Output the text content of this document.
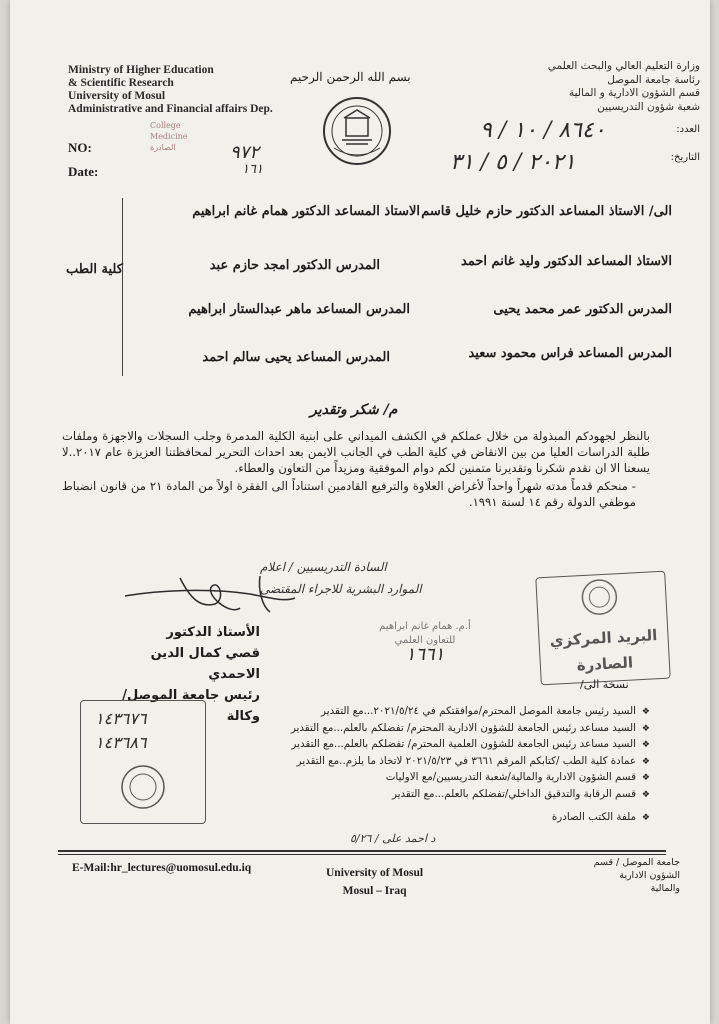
Ministry of Higher Education
& Scientific Research
University of Mosul
Administrative and Financial affairs Dep.
بسم الله الرحمن الرحيم
وزارة التعليم العالي والبحث العلمي
رئاسة جامعة الموصل
قسم الشؤون الادارية و المالية
شعبة شؤون التدريسيين
العدد:
التاريخ:
٨٦٤٠ / ١٠ / ٩
٢٠٢١ / ٥ / ٣١
NO:
Date:
College
Medicine
الصادرة	٩٧٢
١٦١
الى/ الاستاذ المساعد الدكتور حازم خليل قاسم
الاستاذ المساعد الدكتور همام غانم ابراهيم
الاستاذ المساعد الدكتور وليد غانم احمد
المدرس الدكتور امجد حازم عبد
المدرس الدكتور عمر محمد يحيى
المدرس المساعد ماهر عبدالستار ابراهيم
المدرس المساعد فراس محمود سعيد
المدرس المساعد يحيى سالم احمد
كلية الطب
م/ شكر وتقدير

بالنظر لجهودكم المبذولة من خلال عملكم في الكشف الميداني على ابنية الكلية المدمرة وجلب السجلات والاجهزة وملفات طلبة الدراسات العليا من بين الانقاض في كلية الطب في الجانب الايمن بعد احداث التحرير لمحافظتنا العزيزة عام ٢٠١٧..لا يسعنا الا ان نقدم شكرنا وتقديرنا متمنين لكم دوام الموفقية ومزيداً من التعاون والعطاء.

- منحكم قدماً مدته شهراً واحداً لأغراض العلاوة والترفيع القادمين استناداً الى الفقرة اولاً من المادة ٢١ من قانون انضباط موظفي الدولة رقم ١٤ لسنة ١٩٩١.

السادة التدريسيين / اعلام
الموارد البشرية للاجراء المقتضى
الأستاذ الدكتور
قصي كمال الدين الاحمدي
رئيس جامعة الموصل/وكالة
أ.م. همام غانم ابراهيم
للتعاون العلمي
١٦٦١
البريد المركزي
الصادرة
نسخة الى/
١٤٣٦٧٦
١٤٣٦٨٦
❖السيد رئيس جامعة الموصل المحترم/موافقتكم في ٢٠٢١/٥/٢٤...مع التقدير
❖السيد مساعد رئيس الجامعة للشؤون الادارية المحترم/ تفضلكم بالعلم...مع التقدير
❖السيد مساعد رئيس الجامعة للشؤون العلمية المحترم/ تفضلكم بالعلم...مع التقدير
❖عمادة كلية الطب /كتابكم المرقم ٣٦٦١ في ٢٠٢١/٥/٢٣ لاتخاذ ما يلزم..مع التقدير
❖قسم الشؤون الادارية والمالية/شعبة التدريسيين/مع الاوليات
❖قسم الرقابة والتدقيق الداخلي/تفضلكم بالعلم...مع التقدير
❖ملفة الكتب الصادرة
د احمد على / ٥/٢٦
E-Mail:hr_lectures@uomosul.edu.iq	University of Mosul
Mosul – Iraq
جامعة الموصل / قسم
الشؤون الادارية
والمالية
